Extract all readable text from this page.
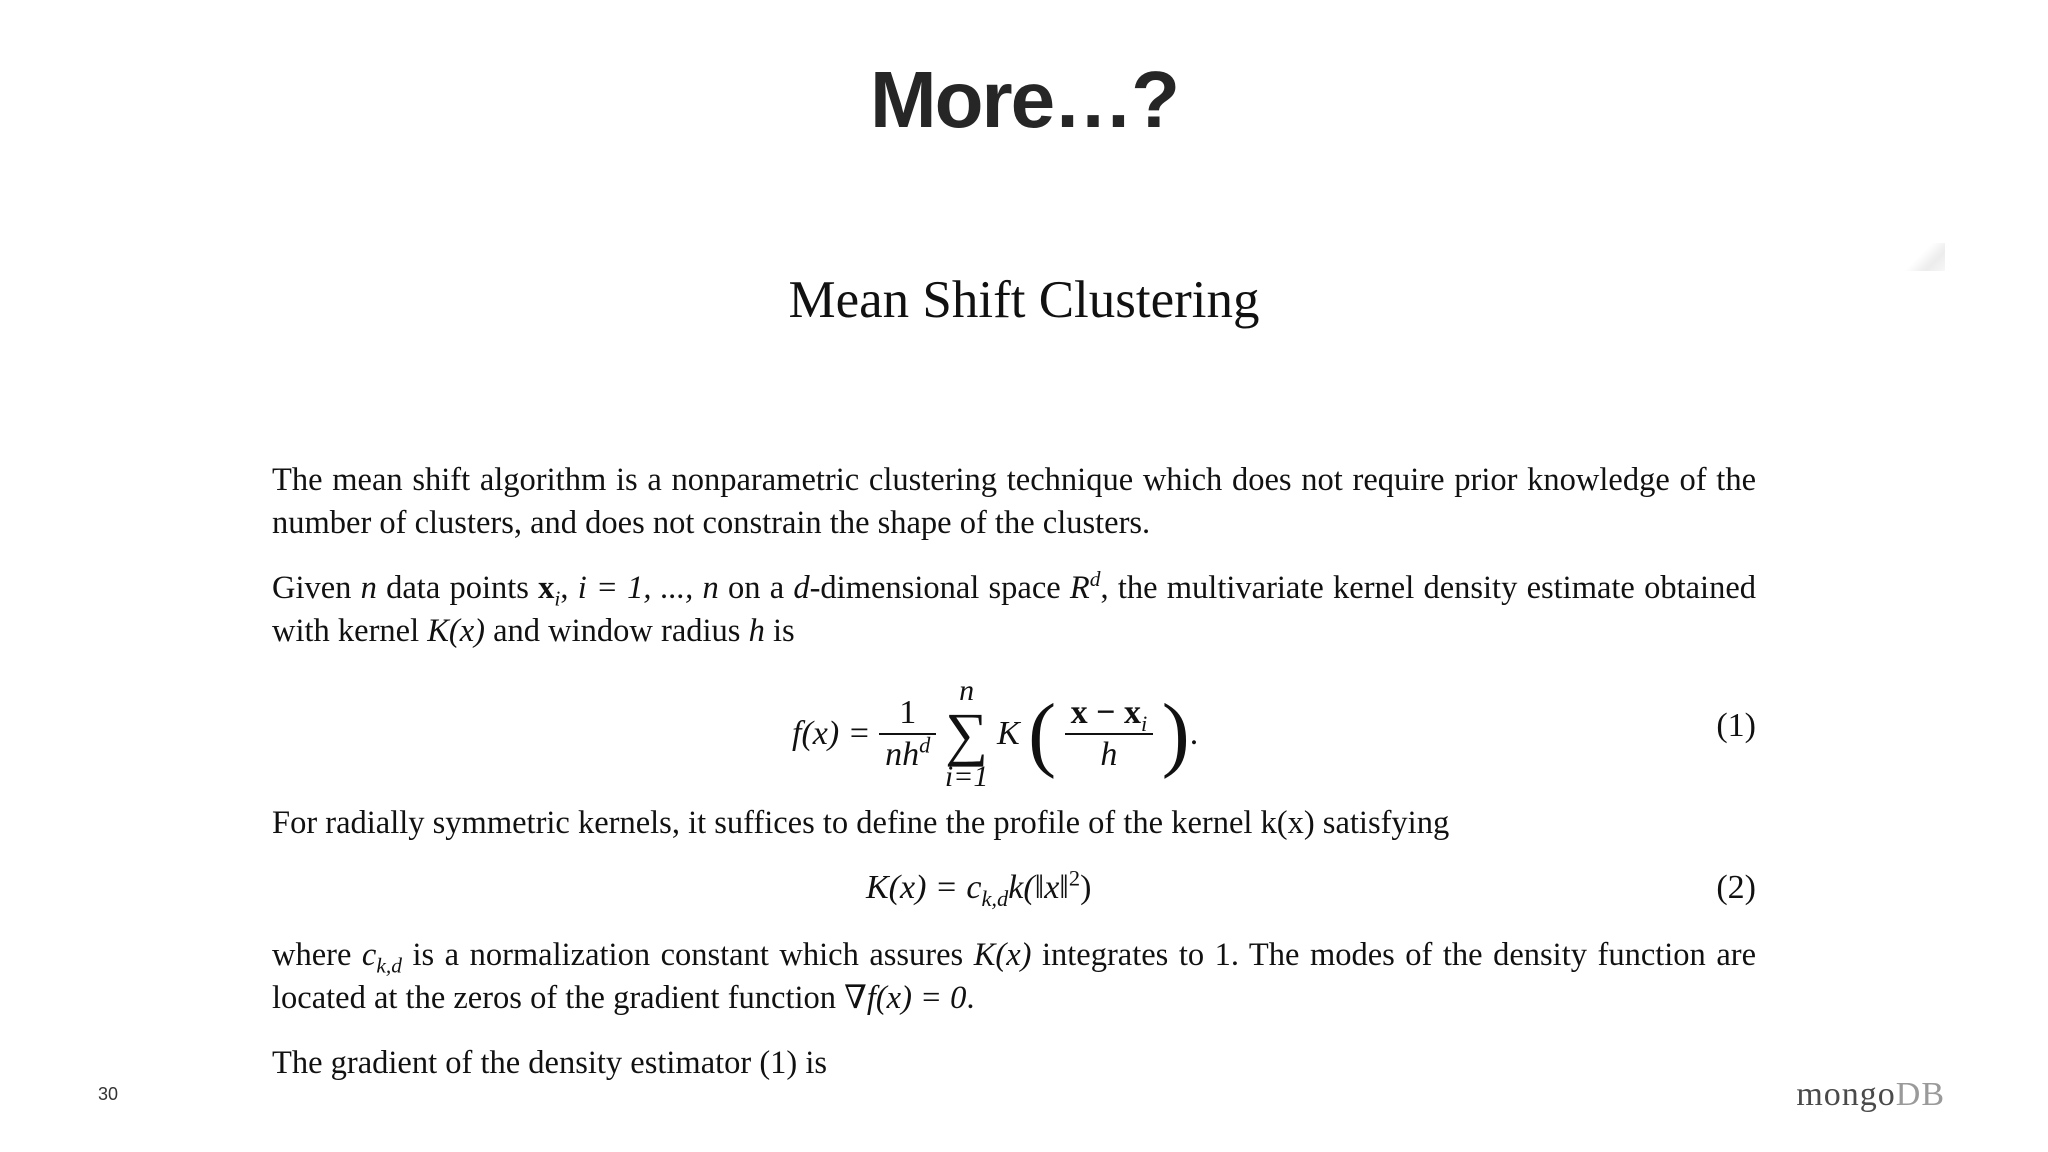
More…?
Mean Shift Clustering

The mean shift algorithm is a nonparametric clustering technique which does not require prior knowledge of the number of clusters, and does not constrain the shape of the clusters.

Given n data points $x_i$, i = 1, ..., n on a d-dimensional space $R^d$, the multivariate kernel density estimate obtained with kernel K(x) and window radius h is

$f(x) = \frac{1}{nh^d}$
n
∑
i=1 K ( $\frac{x - x_i}{h}$ ).	(1)

For radially symmetric kernels, it suffices to define the profile of the kernel k(x) satisfying

$K(x) = c_{k,d}k(‖x‖^2)$	(2)

where $c_{k,d}$ is a normalization constant which assures K(x) integrates to 1. The modes of the density function are located at the zeros of the gradient function ∇f(x) = 0.

The gradient of the density estimator (1) is

30	mongoDB
